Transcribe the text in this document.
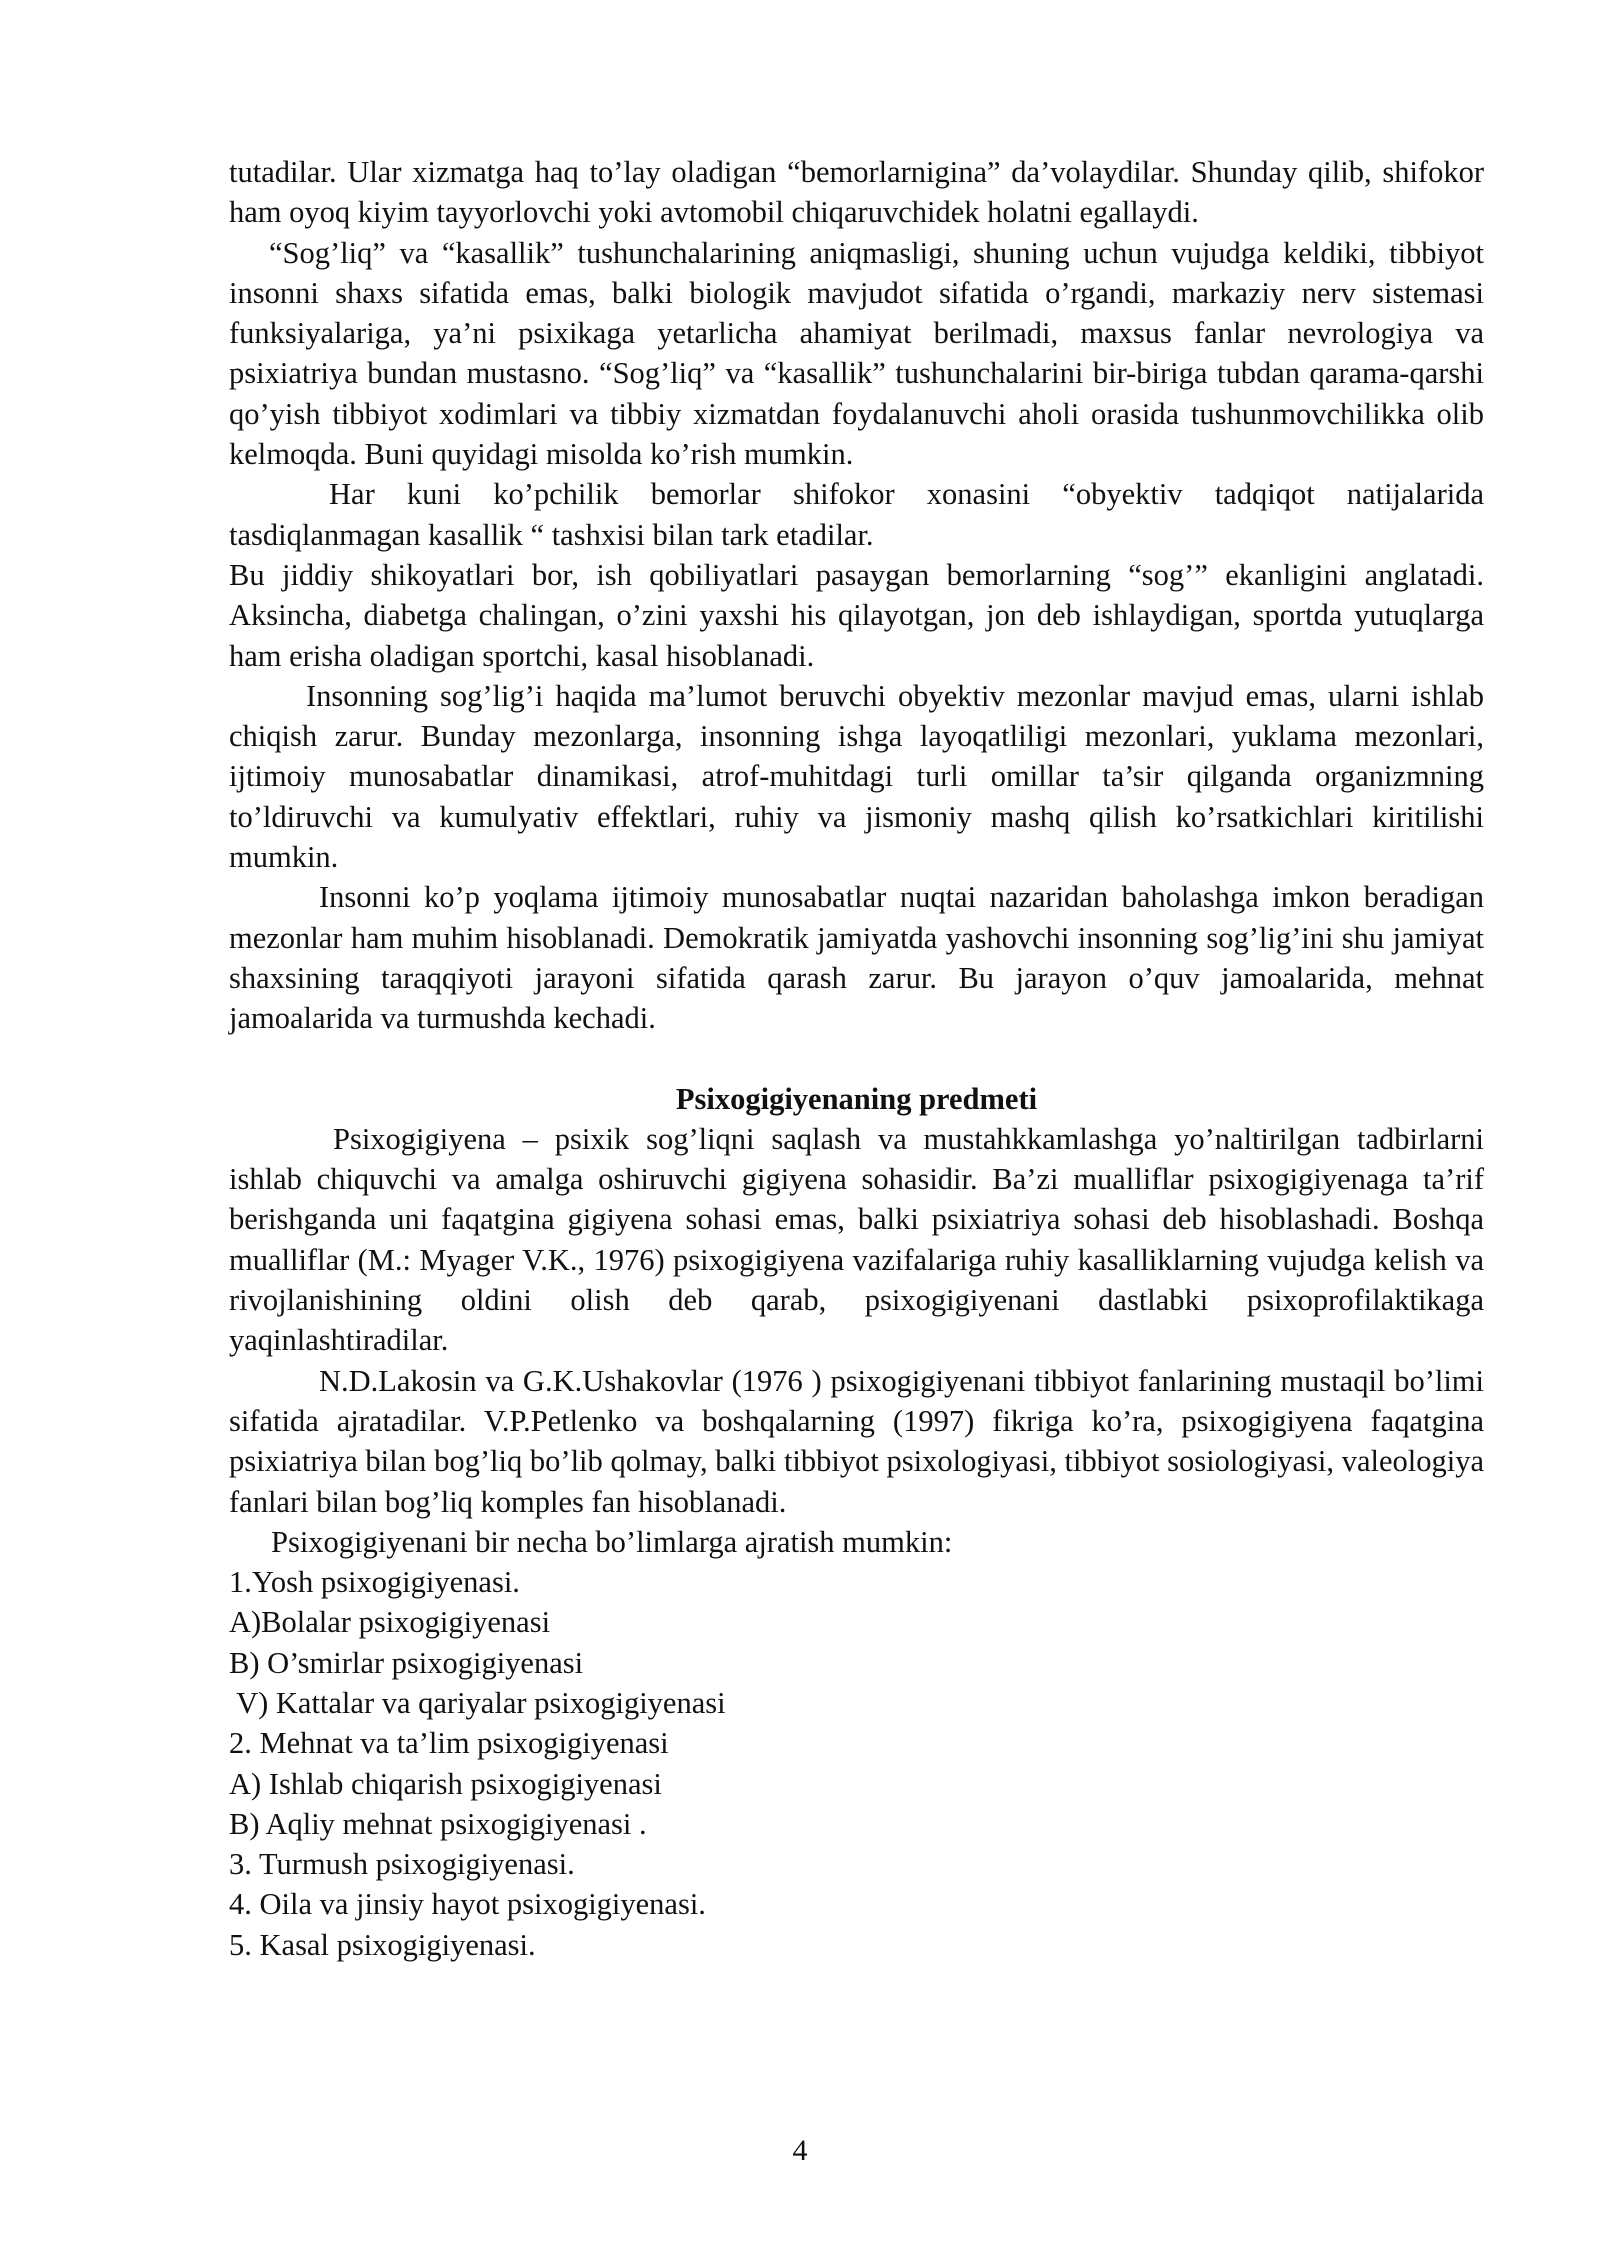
tutadilar. Ular xizmatga haq to’lay oladigan “bemorlarnigina” da’volaydilar. Shunday qilib, shifokor ham oyoq kiyim tayyorlovchi yoki avtomobil chiqaruvchidek holatni egallaydi.

“Sog’liq” va “kasallik” tushunchalarining aniqmasligi, shuning uchun vujudga keldiki, tibbiyot insonni shaxs sifatida emas, balki biologik mavjudot sifatida o’rgandi, markaziy nerv sistemasi funksiyalariga, ya’ni psixikaga yetarlicha ahamiyat berilmadi, maxsus fanlar nevrologiya va psixiatriya bundan mustasno. “Sog’liq” va “kasallik” tushunchalarini bir-biriga tubdan qarama-qarshi qo’yish tibbiyot xodimlari va tibbiy xizmatdan foydalanuvchi aholi orasida tushunmovchilikka olib kelmoqda. Buni quyidagi misolda ko’rish mumkin.

Har kuni ko’pchilik bemorlar shifokor xonasini “obyektiv tadqiqot natijalarida tasdiqlanmagan kasallik “ tashxisi bilan tark etadilar.

Bu jiddiy shikoyatlari bor, ish qobiliyatlari pasaygan bemorlarning “sog’” ekanligini anglatadi. Aksincha, diabetga chalingan, o’zini yaxshi his qilayotgan, jon deb ishlaydigan, sportda yutuqlarga ham erisha oladigan sportchi, kasal hisoblanadi.

Insonning sog’lig’i haqida ma’lumot beruvchi obyektiv mezonlar mavjud emas, ularni ishlab chiqish zarur. Bunday mezonlarga, insonning ishga layoqatliligi mezonlari, yuklama mezonlari, ijtimoiy munosabatlar dinamikasi, atrof-muhitdagi turli omillar ta’sir qilganda organizmning to’ldiruvchi va kumulyativ effektlari, ruhiy va jismoniy mashq qilish ko’rsatkichlari kiritilishi mumkin.

Insonni ko’p yoqlama ijtimoiy munosabatlar nuqtai nazaridan baholashga imkon beradigan mezonlar ham muhim hisoblanadi. Demokratik jamiyatda yashovchi insonning sog’lig’ini shu jamiyat shaxsining taraqqiyoti jarayoni sifatida qarash zarur. Bu jarayon o’quv jamoalarida, mehnat jamoalarida va turmushda kechadi.

Psixogigiyenaning predmeti

Psixogigiyena – psixik sog’liqni saqlash va mustahkkamlashga yo’naltirilgan tadbirlarni ishlab chiquvchi va amalga oshiruvchi gigiyena sohasidir. Ba’zi mualliflar psixogigiyenaga ta’rif berishganda uni faqatgina gigiyena sohasi emas, balki psixiatriya sohasi deb hisoblashadi. Boshqa mualliflar (M.: Myager V.K., 1976) psixogigiyena vazifalariga ruhiy kasalliklarning vujudga kelish va rivojlanishining oldini olish deb qarab, psixogigiyenani dastlabki psixoprofilaktikaga yaqinlashtiradilar.

N.D.Lakosin va G.K.Ushakovlar (1976 ) psixogigiyenani tibbiyot fanlarining mustaqil bo’limi sifatida ajratadilar. V.P.Petlenko va boshqalarning (1997) fikriga ko’ra, psixogigiyena faqatgina psixiatriya bilan bog’liq bo’lib qolmay, balki tibbiyot psixologiyasi, tibbiyot sosiologiyasi, valeologiya fanlari bilan bog’liq komples fan hisoblanadi.

Psixogigiyenani bir necha bo’limlarga ajratish mumkin:

1.Yosh psixogigiyenasi.
A)Bolalar psixogigiyenasi
B) O’smirlar psixogigiyenasi
V) Kattalar va qariyalar psixogigiyenasi
2. Mehnat va ta’lim psixogigiyenasi
A) Ishlab chiqarish psixogigiyenasi
B) Aqliy mehnat psixogigiyenasi .
3. Turmush psixogigiyenasi.
4. Oila va jinsiy hayot psixogigiyenasi.
5. Kasal psixogigiyenasi.
4
